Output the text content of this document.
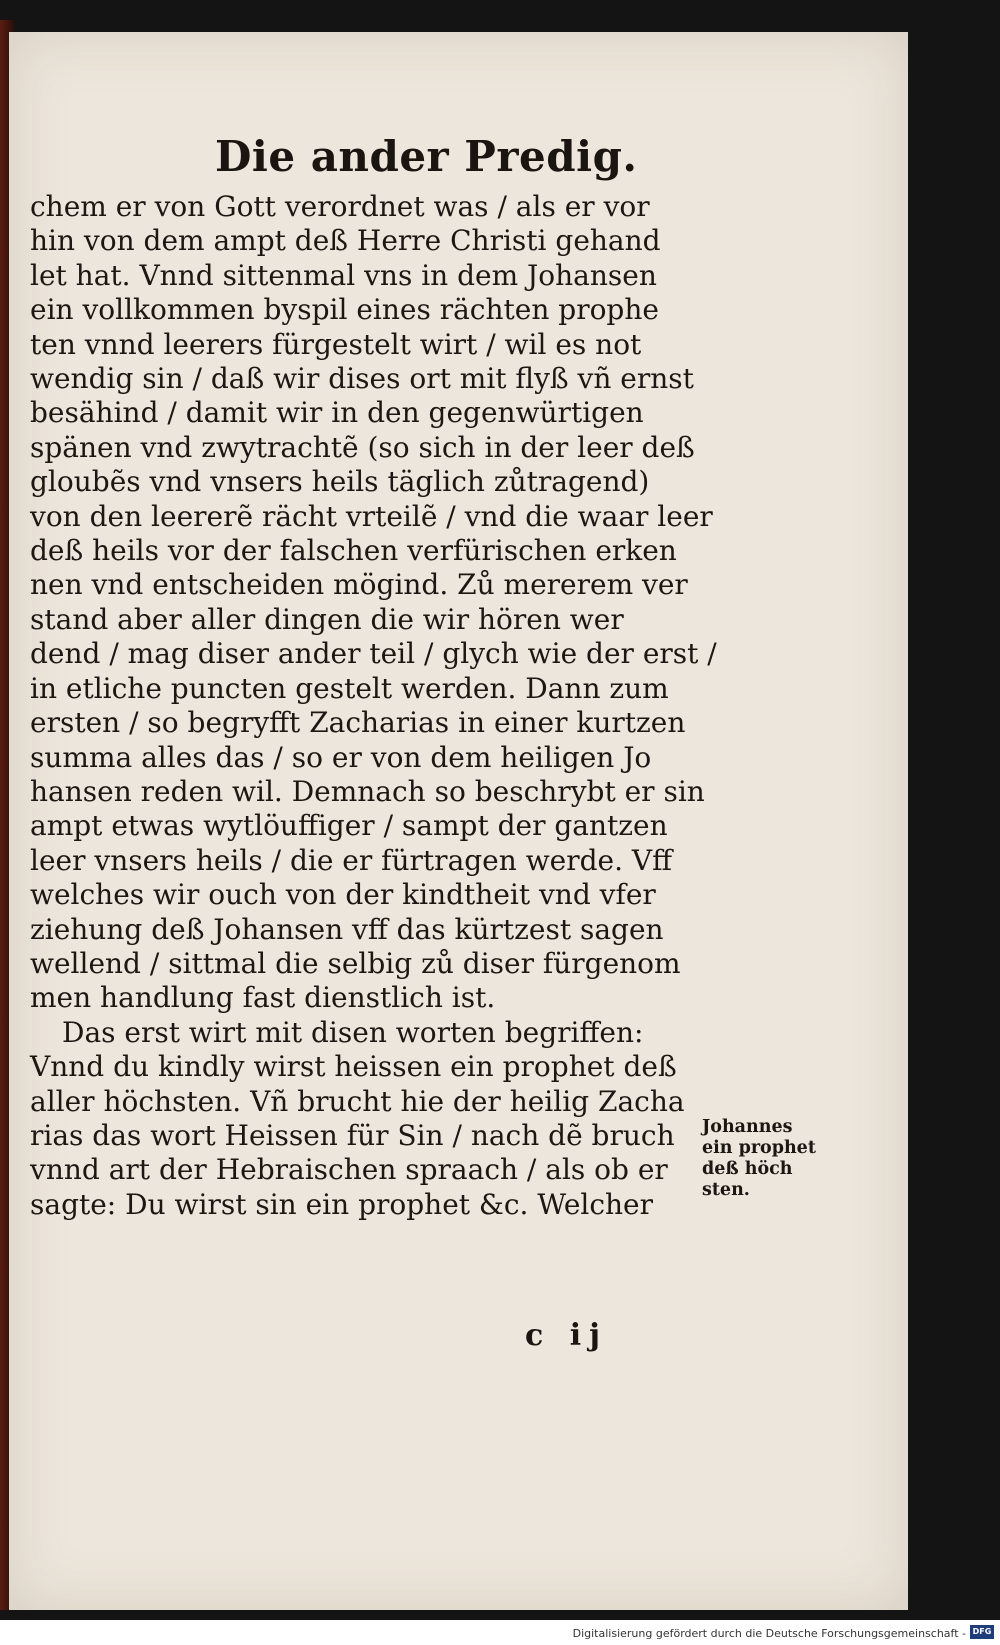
Die ander Predig.
chem er von Gott verordnet was / als er vor
hin von dem ampt deß Herre Christi gehand
let hat. Vnnd sittenmal vns in dem Johansen
ein vollkommen byspil eines rächten prophe
ten vnnd leerers fürgestelt wirt / wil es not
wendig sin / daß wir dises ort mit flyß vñ ernst
besähind / damit wir in den gegenwürtigen
spänen vnd zwytrachtẽ (so sich in der leer deß
gloubẽs vnd vnsers heils täglich zůtragend)
von den leererẽ rächt vrteilẽ / vnd die waar leer
deß heils vor der falschen verfürischen erken
nen vnd entscheiden mögind. Zů mererem ver
stand aber aller dingen die wir hören wer
dend / mag diser ander teil / glych wie der erst /
in etliche puncten gestelt werden. Dann zum
ersten / so begryfft Zacharias in einer kurtzen
summa alles das / so er von dem heiligen Jo
hansen reden wil. Demnach so beschrybt er sin
ampt etwas wytlöuffiger / sampt der gantzen
leer vnsers heils / die er fürtragen werde. Vff
welches wir ouch von der kindtheit vnd vfer
ziehung deß Johansen vff das kürtzest sagen
wellend / sittmal die selbig zů diser fürgenom
men handlung fast dienstlich ist.
Das erst wirt mit disen worten begriffen:
Vnnd du kindly wirst heissen ein prophet deß
aller höchsten. Vñ brucht hie der heilig Zacha
rias das wort Heissen für Sin / nach dẽ bruch
vnnd art der Hebraischen spraach / als ob er
sagte: Du wirst sin ein prophet &c. Welcher
Johannes
ein prophet
deß höch
sten.
c ij
Digitalisierung gefördert durch die Deutsche Forschungsgemeinschaft - DFG
